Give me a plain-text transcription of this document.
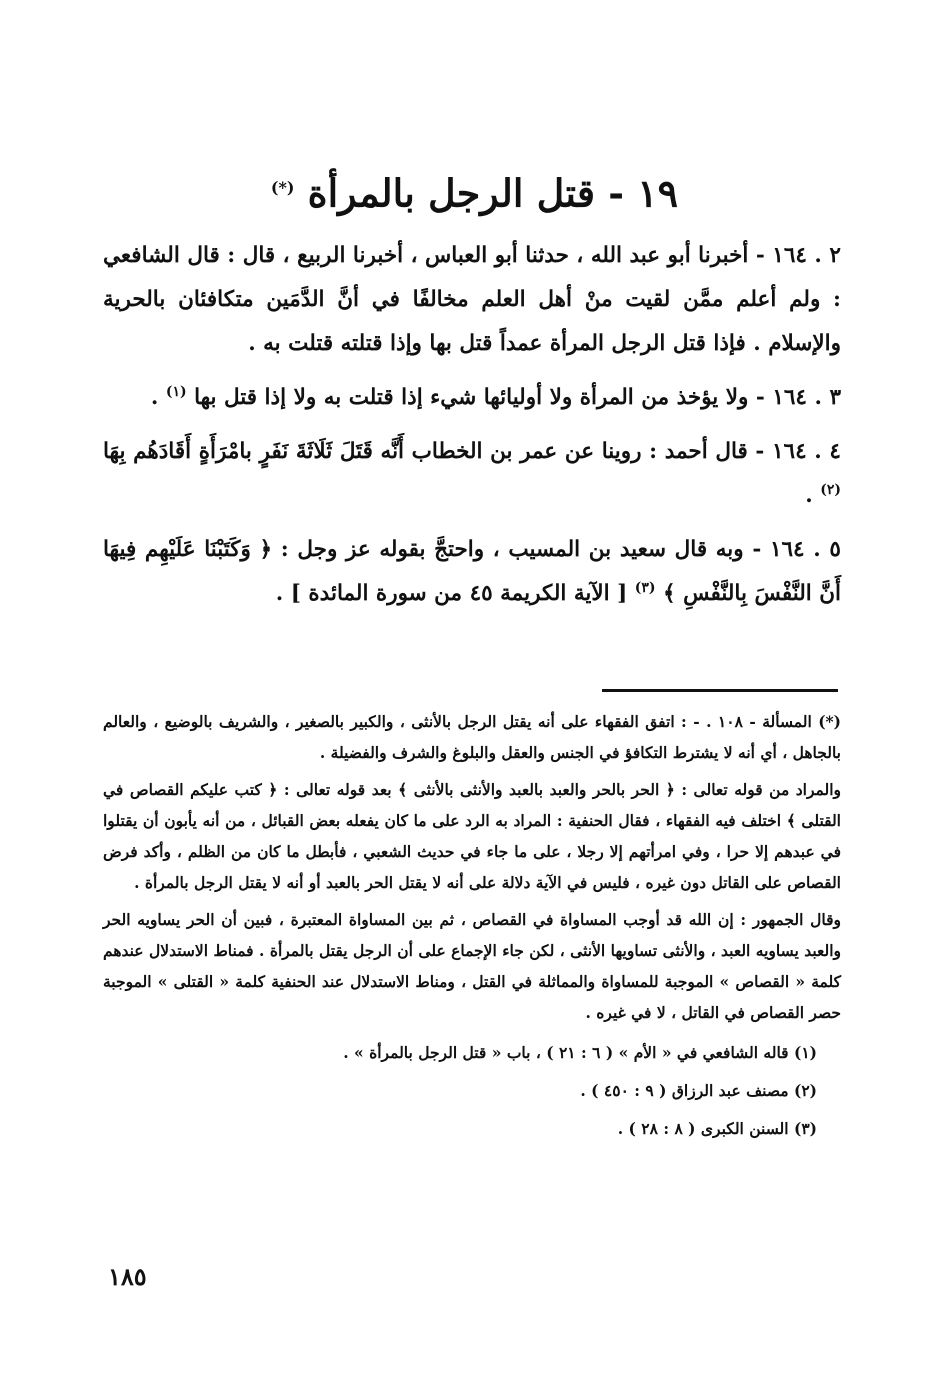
١٩ - قتل الرجل بالمرأة (*)

٢ . ١٦٤ - أخبرنا أبو عبد الله ، حدثنا أبو العباس ، أخبرنا الربيع ، قال : قال الشافعي : ولم أعلم ممَّن لقيت منْ أهل العلم مخالفًا في أنَّ الدَّمَين متكافئان بالحرية والإسلام . فإذا قتل الرجل المرأة عمداً قتل بها وإذا قتلته قتلت به .

٣ . ١٦٤ - ولا يؤخذ من المرأة ولا أوليائها شيء إذا قتلت به ولا إذا قتل بها $^{(١)}$ .

٤ . ١٦٤ - قال أحمد : روينا عن عمر بن الخطاب أَنَّه قَتَلَ ثَلَاثَةَ نَفَرٍ بامْرَأَةٍ أَقَادَهُم بِهَا $^{(٢)}$ .

٥ . ١٦٤ - وبه قال سعيد بن المسيب ، واحتجَّ بقوله عز وجل : ﴿ وَكَتَبْنَا عَلَيْهِم فِيهَا أَنَّ النَّفْسَ بِالنَّفْسِ ﴾ $^{(٣)}$ [ الآية الكريمة ٤٥ من سورة المائدة ] .

(*) المسألة - ١٠٨ . - : اتفق الفقهاء على أنه يقتل الرجل بالأنثى ، والكبير بالصغير ، والشريف بالوضيع ، والعالم بالجاهل ، أي أنه لا يشترط التكافؤ في الجنس والعقل والبلوغ والشرف والفضيلة .

والمراد من قوله تعالى : ﴿ الحر بالحر والعبد بالعبد والأنثى بالأنثى ﴾ بعد قوله تعالى : ﴿ كتب عليكم القصاص في القتلى ﴾ اختلف فيه الفقهاء ، فقال الحنفية : المراد به الرد على ما كان يفعله بعض القبائل ، من أنه يأبون أن يقتلوا في عبدهم إلا حرا ، وفي امرأتهم إلا رجلا ، على ما جاء في حديث الشعبي ، فأبطل ما كان من الظلم ، وأكد فرض القصاص على القاتل دون غيره ، فليس في الآية دلالة على أنه لا يقتل الحر بالعبد أو أنه لا يقتل الرجل بالمرأة .

وقال الجمهور : إن الله قد أوجب المساواة في القصاص ، ثم بين المساواة المعتبرة ، فبين أن الحر يساويه الحر والعبد يساويه العبد ، والأنثى تساويها الأنثى ، لكن جاء الإجماع على أن الرجل يقتل بالمرأة . فمناط الاستدلال عندهم كلمة « القصاص » الموجبة للمساواة والمماثلة في القتل ، ومناط الاستدلال عند الحنفية كلمة « القتلى » الموجبة حصر القصاص في القاتل ، لا في غيره .

(١) قاله الشافعي في « الأم » ( ٦ : ٢١ ) ، باب « قتل الرجل بالمرأة » .
(٢) مصنف عبد الرزاق ( ٩ : ٤٥٠ ) .
(٣) السنن الكبرى ( ٨ : ٢٨ ) .
١٨٥
